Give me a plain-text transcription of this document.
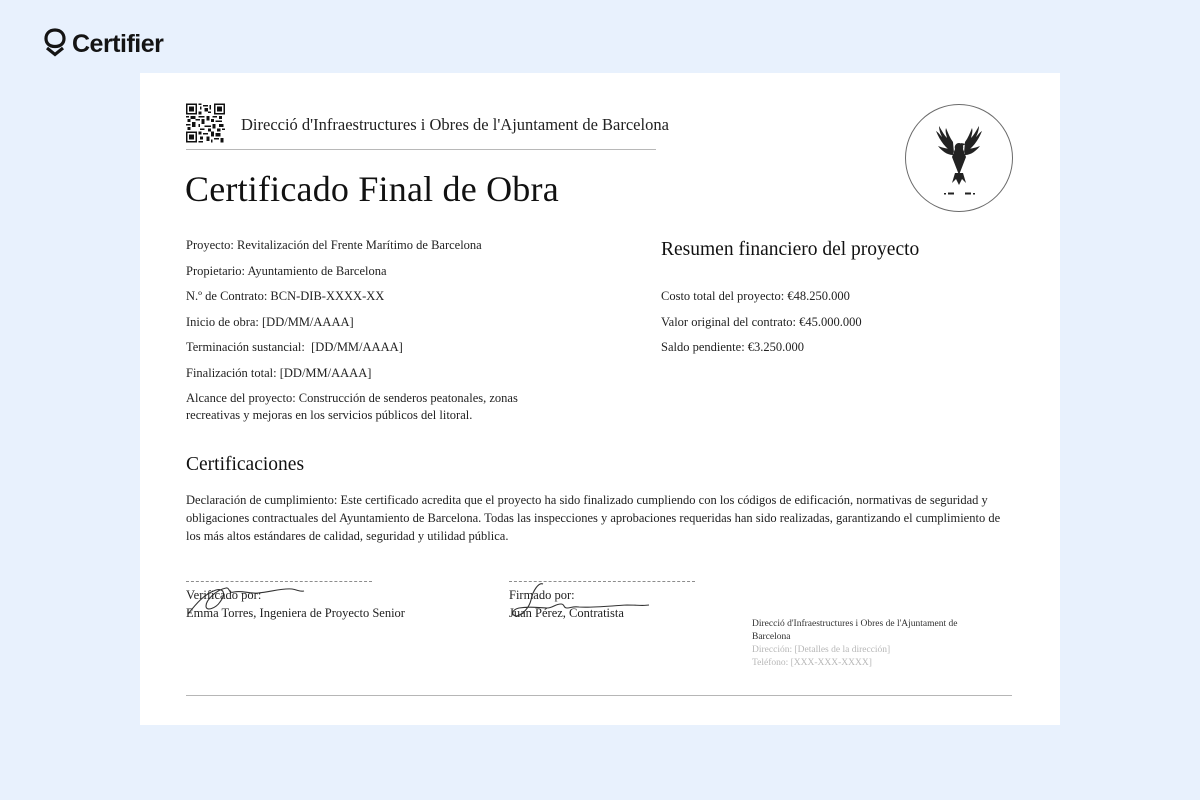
Certifier
Direcció d'Infraestructures i Obres de l'Ajuntament de Barcelona
Certificado Final de Obra
Proyecto: Revitalización del Frente Marítimo de Barcelona
Propietario: Ayuntamiento de Barcelona
N.º de Contrato: BCN-DIB-XXXX-XX
Inicio de obra: [DD/MM/AAAA]
Terminación sustancial:  [DD/MM/AAAA]
Finalización total: [DD/MM/AAAA]
Alcance del proyecto: Construcción de senderos peatonales, zonas recreativas y mejoras en los servicios públicos del litoral.
Resumen financiero del proyecto
Costo total del proyecto: €48.250.000
Valor original del contrato: €45.000.000
Saldo pendiente: €3.250.000
Certificaciones
Declaración de cumplimiento: Este certificado acredita que el proyecto ha sido finalizado cumpliendo con los códigos de edificación, normativas de seguridad y obligaciones contractuales del Ayuntamiento de Barcelona. Todas las inspecciones y aprobaciones requeridas han sido realizadas, garantizando el cumplimiento de los más altos estándares de calidad, seguridad y utilidad pública.
Verificado por:
Emma Torres, Ingeniera de Proyecto Senior
Firmado por:
Juan Pérez, Contratista
Direcció d'Infraestructures i Obres de l'Ajuntament de Barcelona
Dirección: [Detalles de la dirección]
Teléfono: [XXX-XXX-XXXX]
